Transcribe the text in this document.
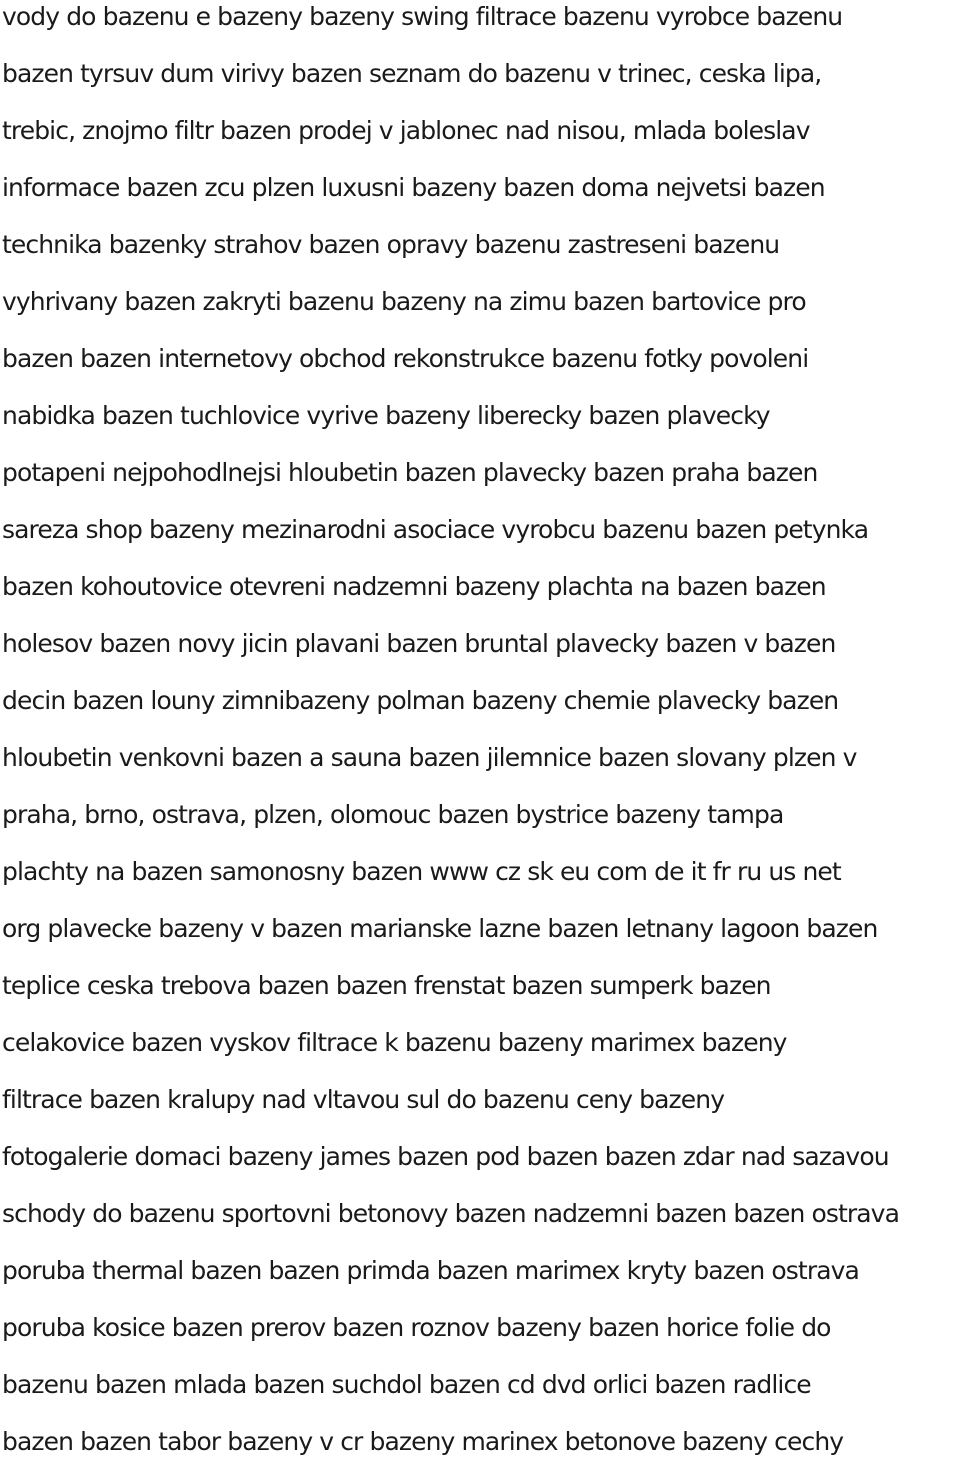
vody do bazenu e bazeny bazeny swing filtrace bazenu vyrobce bazenu
bazen tyrsuv dum virivy bazen seznam do bazenu v trinec, ceska lipa,
trebic, znojmo filtr bazen prodej v jablonec nad nisou, mlada boleslav
informace bazen zcu plzen luxusni bazeny bazen doma nejvetsi bazen
technika bazenky strahov bazen opravy bazenu zastreseni bazenu
vyhrivany bazen zakryti bazenu bazeny na zimu bazen bartovice pro
bazen bazen internetovy obchod rekonstrukce bazenu fotky povoleni
nabidka bazen tuchlovice vyrive bazeny liberecky bazen plavecky
potapeni nejpohodlnejsi hloubetin bazen plavecky bazen praha bazen
sareza shop bazeny mezinarodni asociace vyrobcu bazenu bazen petynka
bazen kohoutovice otevreni nadzemni bazeny plachta na bazen bazen
holesov bazen novy jicin plavani bazen bruntal plavecky bazen v bazen
decin bazen louny zimnibazeny polman bazeny chemie plavecky bazen
hloubetin venkovni bazen a sauna bazen jilemnice bazen slovany plzen v
praha, brno, ostrava, plzen, olomouc bazen bystrice bazeny tampa
plachty na bazen samonosny bazen www cz sk eu com de it fr ru us net
org plavecke bazeny v bazen marianske lazne bazen letnany lagoon bazen
teplice ceska trebova bazen bazen frenstat bazen sumperk bazen
celakovice bazen vyskov filtrace k bazenu bazeny marimex bazeny
filtrace bazen kralupy nad vltavou sul do bazenu ceny bazeny
fotogalerie domaci bazeny james bazen pod bazen bazen zdar nad sazavou
schody do bazenu sportovni betonovy bazen nadzemni bazen bazen ostrava
poruba thermal bazen bazen primda bazen marimex kryty bazen ostrava
poruba kosice bazen prerov bazen roznov bazeny bazen horice folie do
bazenu bazen mlada bazen suchdol bazen cd dvd orlici bazen radlice
bazen bazen tabor bazeny v cr bazeny marinex betonove bazeny cechy
